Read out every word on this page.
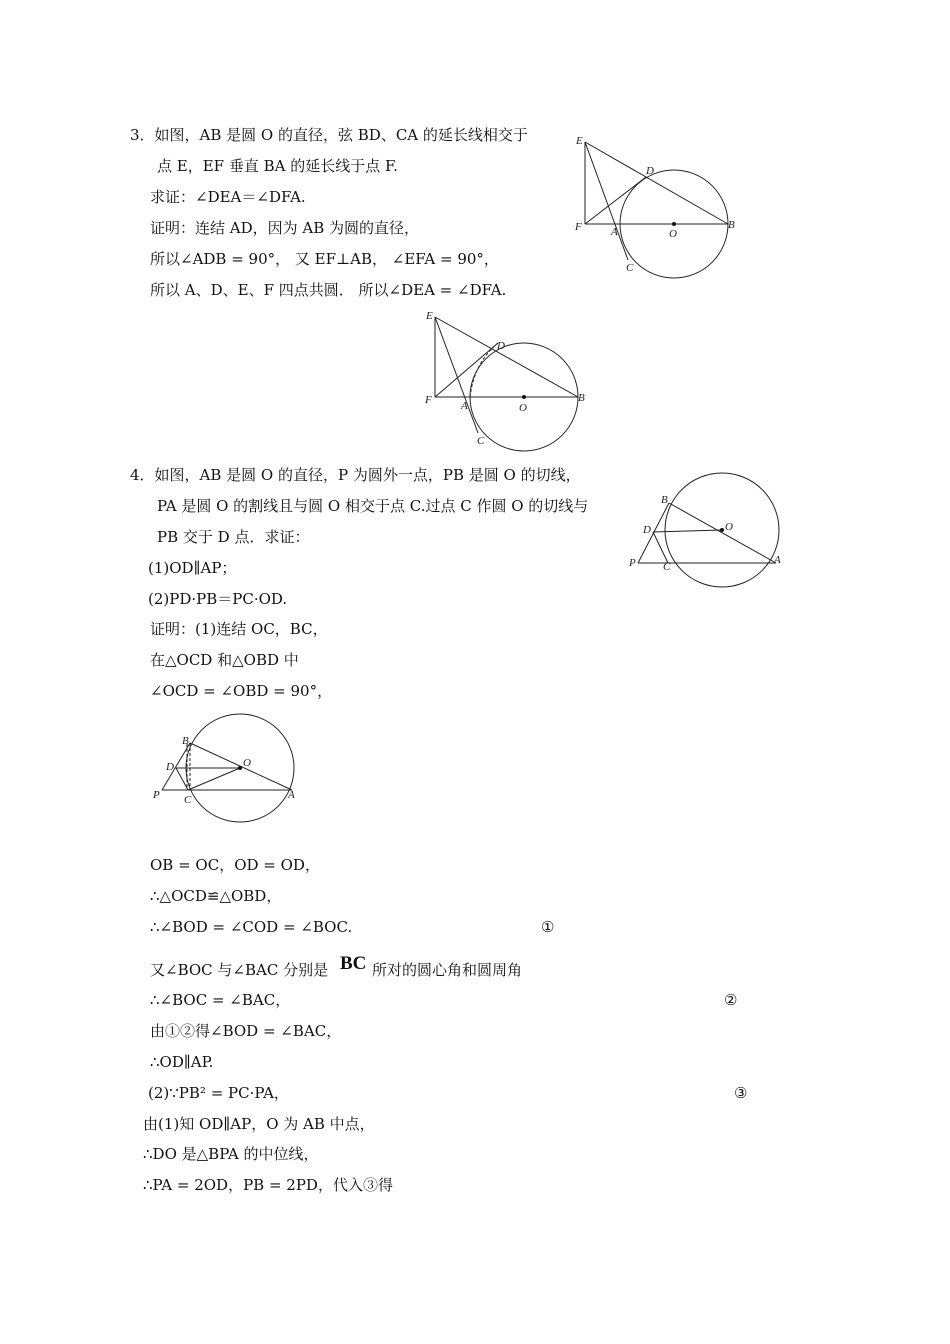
3．如图，AB 是圆 O 的直径，弦 BD、CA 的延长线相交于
点 E，EF 垂直 BA 的延长线于点 F.
求证：∠DEA＝∠DFA.
证明：连结 AD，因为 AB 为圆的直径，
所以∠ADB = 90°， 又 EF⊥AB， ∠EFA = 90°，
所以 A、D、E、F 四点共圆． 所以∠DEA = ∠DFA.
E
D
F	A	O
B
C
E
D
F	A	O
B
C
4．如图，AB 是圆 O 的直径，P 为圆外一点，PB 是圆 O 的切线，
PA 是圆 O 的割线且与圆 O 相交于点 C.过点 C 作圆 O 的切线与
PB 交于 D 点．求证：
(1)OD∥AP；
(2)PD·PB＝PC·OD.
证明：(1)连结 OC，BC，
在△OCD 和△OBD 中
∠OCD = ∠OBD = 90°，
B
D	O
P C
A
B
D	O
P C	A
OB = OC，OD = OD，
∴△OCD≌△OBD，
∴∠BOD = ∠COD = ∠BOC.	①
又∠BOC 与∠BAC 分别是 BC 所对的圆心角和圆周角
∴∠BOC = ∠BAC，	②
由①②得∠BOD = ∠BAC，
∴OD∥AP.
(2)∵PB² = PC·PA，	③
由(1)知 OD∥AP，O 为 AB 中点，
∴DO 是△BPA 的中位线，
∴PA = 2OD，PB = 2PD，代入③得
